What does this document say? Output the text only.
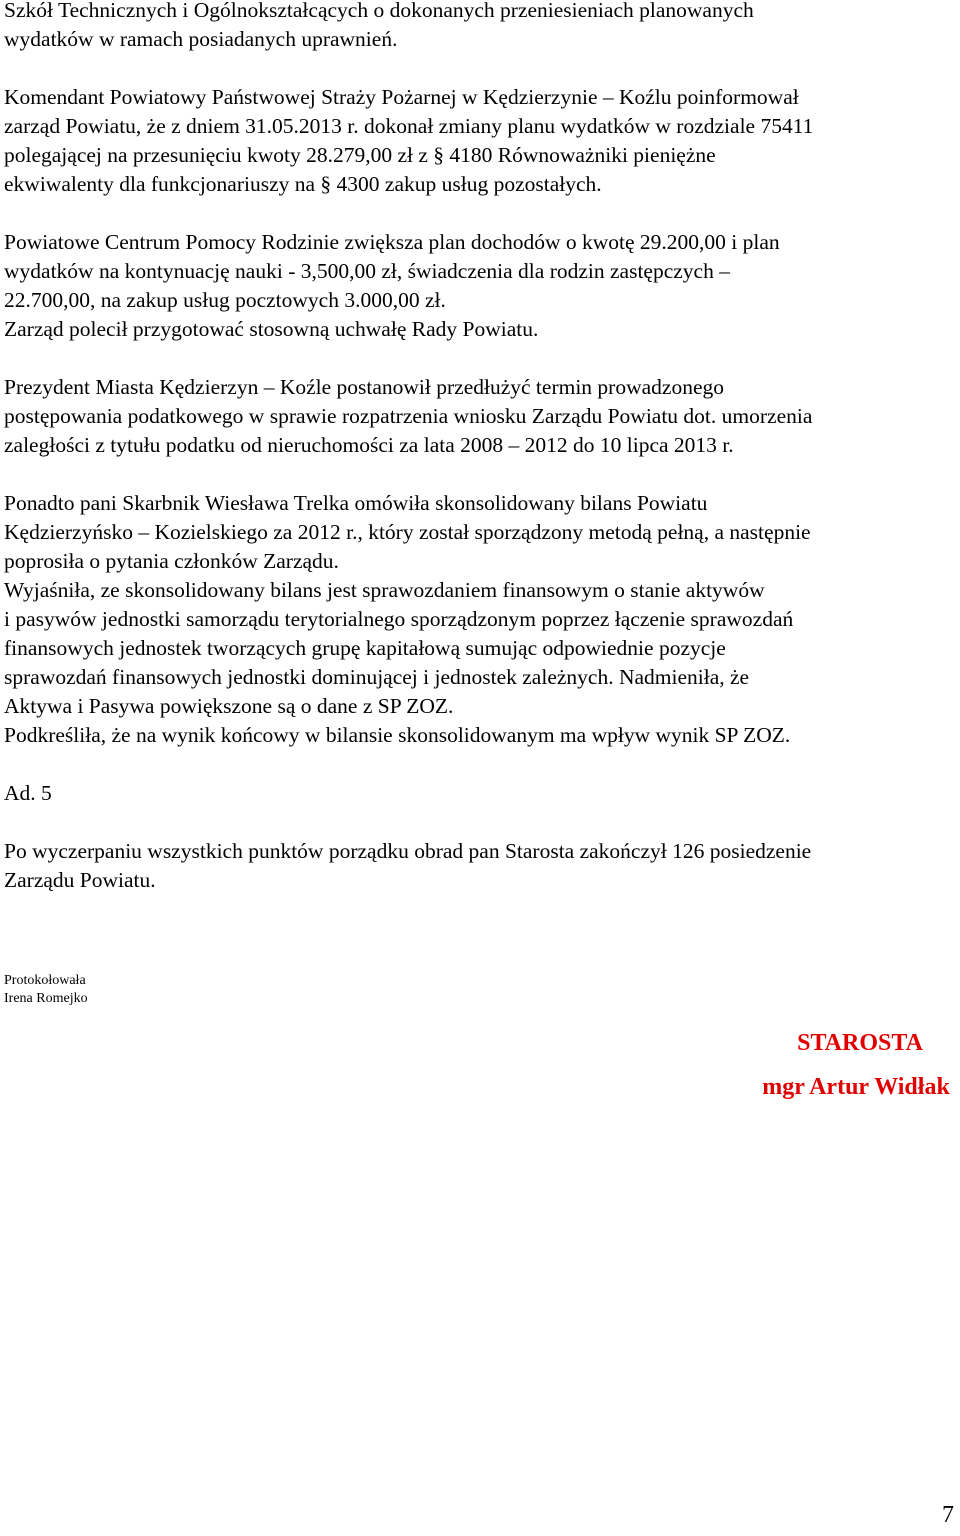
Szkół Technicznych i Ogólnokształcących o dokonanych przeniesieniach planowanych
wydatków w ramach posiadanych uprawnień.
Komendant Powiatowy Państwowej Straży Pożarnej w Kędzierzynie – Koźlu poinformował
zarząd Powiatu, że z dniem 31.05.2013 r. dokonał zmiany planu wydatków w rozdziale 75411
polegającej na przesunięciu kwoty 28.279,00 zł z § 4180 Równoważniki pieniężne
ekwiwalenty dla funkcjonariuszy na § 4300 zakup usług pozostałych.
Powiatowe Centrum Pomocy Rodzinie zwiększa plan dochodów o kwotę 29.200,00 i plan
wydatków na kontynuację nauki - 3,500,00 zł, świadczenia dla rodzin zastępczych –
22.700,00, na zakup usług pocztowych 3.000,00 zł.
Zarząd polecił przygotować stosowną uchwałę Rady Powiatu.
Prezydent Miasta Kędzierzyn – Koźle postanowił przedłużyć termin prowadzonego
postępowania podatkowego w sprawie rozpatrzenia wniosku Zarządu Powiatu dot. umorzenia
zaległości z tytułu podatku od nieruchomości za lata 2008 – 2012 do 10 lipca 2013 r.
Ponadto pani Skarbnik Wiesława Trelka omówiła skonsolidowany bilans Powiatu
Kędzierzyńsko – Kozielskiego za 2012 r., który został sporządzony metodą pełną, a następnie
poprosiła o pytania członków Zarządu.
Wyjaśniła, ze skonsolidowany bilans jest sprawozdaniem finansowym o stanie aktywów
i pasywów jednostki samorządu terytorialnego sporządzonym poprzez łączenie sprawozdań
finansowych jednostek tworzących grupę kapitałową sumując odpowiednie pozycje
sprawozdań finansowych jednostki dominującej i jednostek zależnych. Nadmieniła, że
Aktywa i Pasywa powiększone są o dane z SP ZOZ.
Podkreśliła, że na wynik końcowy w bilansie skonsolidowanym ma wpływ wynik SP ZOZ.
Ad. 5
Po wyczerpaniu wszystkich punktów porządku obrad pan Starosta zakończył 126 posiedzenie
Zarządu Powiatu.
Protokołowała
Irena Romejko
STAROSTA
mgr Artur Widłak
7
